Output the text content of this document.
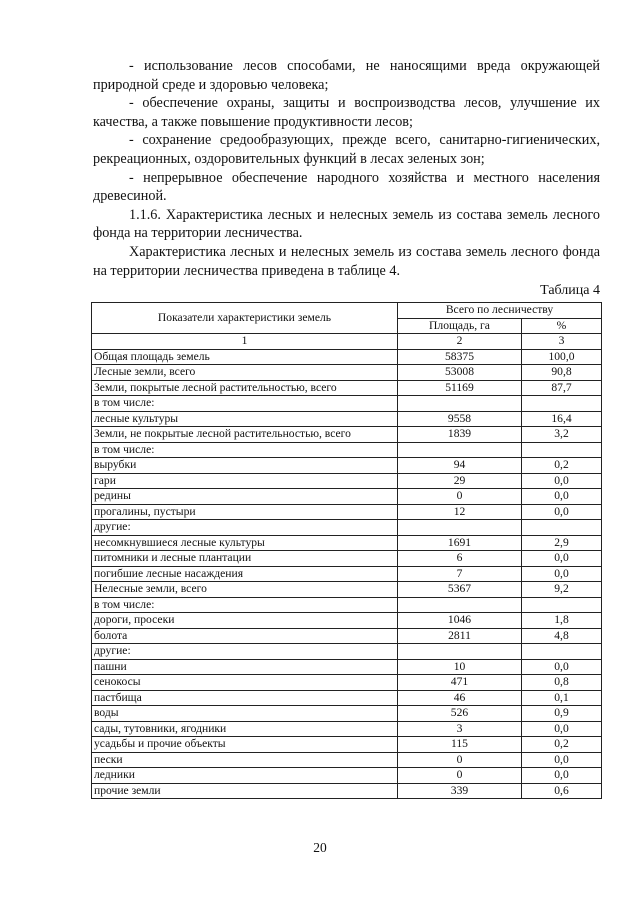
- использование лесов способами, не наносящими вреда окружающей природной среде и здоровью человека;

- обеспечение охраны, защиты и воспроизводства лесов, улучшение их качества, а также повышение продуктивности лесов;

- сохранение средообразующих, прежде всего, санитарно-гигиенических, рекреационных, оздоровительных функций в лесах зеленых зон;

- непрерывное обеспечение народного хозяйства и местного населения древесиной.

1.1.6. Характеристика лесных и нелесных земель из состава земель лесного фонда на территории лесничества.

Характеристика лесных и нелесных земель из состава земель лесного фонда на территории лесничества приведена в таблице 4.

Таблица 4
Показатели характеристики земель	Всего по лесничеству	
	Площадь, га	%
1	2	3
Общая площадь земель	58375	100,0
Лесные земли, всего	53008	90,8
Земли, покрытые лесной растительностью, всего	51169	87,7
в том числе:		
лесные культуры	9558	16,4
Земли, не покрытые лесной растительностью, всего	1839	3,2
в том числе:		
вырубки	94	0,2
гари	29	0,0
редины	0	0,0
прогалины, пустыри	12	0,0
другие:		
несомкнувшиеся лесные культуры	1691	2,9
питомники и лесные плантации	6	0,0
погибшие лесные насаждения	7	0,0
Нелесные земли, всего	5367	9,2
в том числе:		
дороги, просеки	1046	1,8
болота	2811	4,8
другие:		
пашни	10	0,0
сенокосы	471	0,8
пастбища	46	0,1
воды	526	0,9
сады, тутовники, ягодники	3	0,0
усадьбы и прочие объекты	115	0,2
пески	0	0,0
ледники	0	0,0
прочие земли	339	0,6
20
